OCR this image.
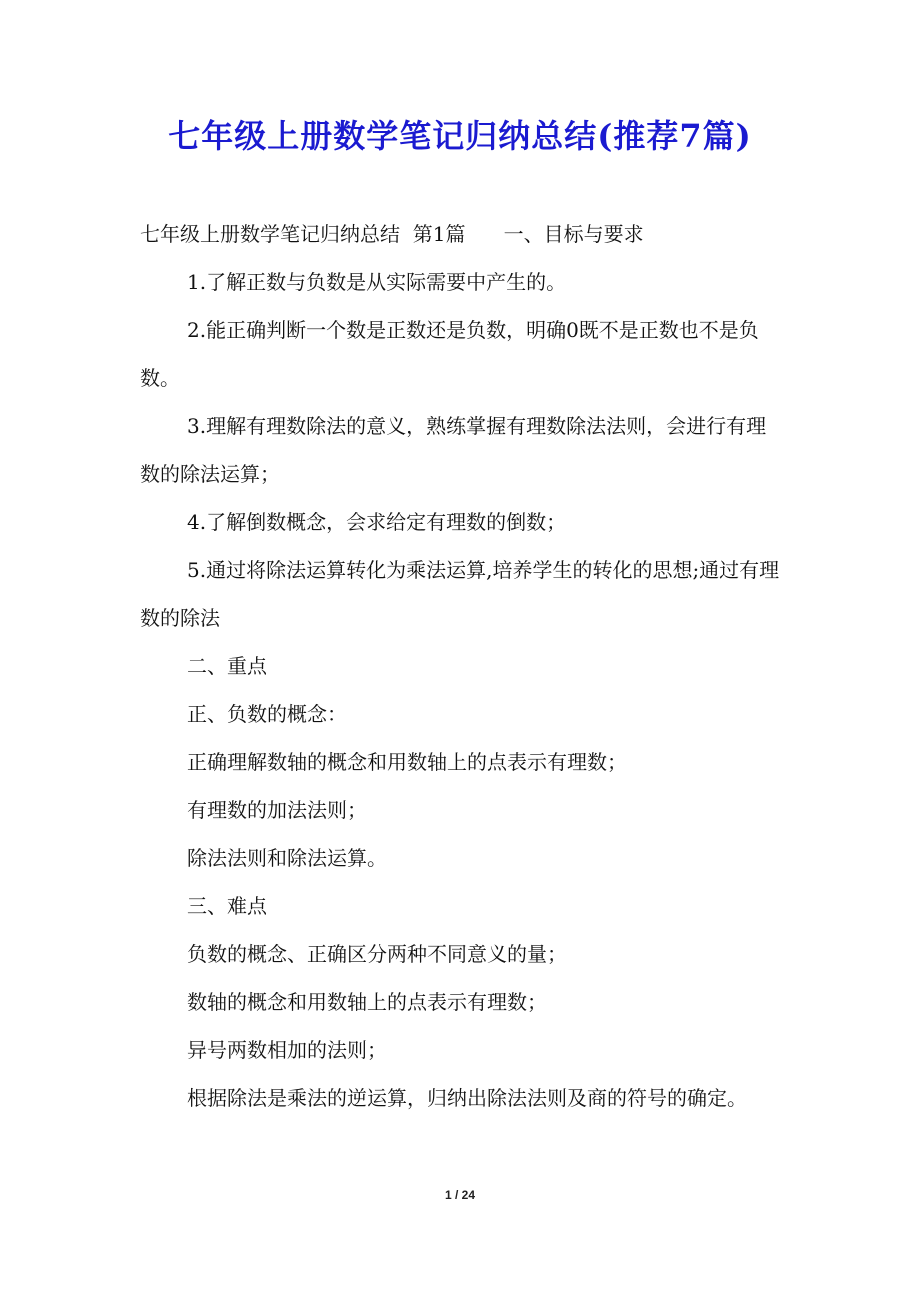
七年级上册数学笔记归纳总结(推荐7篇)

七年级上册数学笔记归纳总结  第1篇      一、目标与要求

1.了解正数与负数是从实际需要中产生的。

2.能正确判断一个数是正数还是负数，明确0既不是正数也不是负数。

3.理解有理数除法的意义，熟练掌握有理数除法法则，会进行有理数的除法运算；

4.了解倒数概念，会求给定有理数的倒数；

5.通过将除法运算转化为乘法运算,培养学生的转化的思想;通过有理数的除法

二、重点

正、负数的概念：

正确理解数轴的概念和用数轴上的点表示有理数；

有理数的加法法则；

除法法则和除法运算。

三、难点

负数的概念、正确区分两种不同意义的量；

数轴的概念和用数轴上的点表示有理数；

异号两数相加的法则；

根据除法是乘法的逆运算，归纳出除法法则及商的符号的确定。

1 / 24
